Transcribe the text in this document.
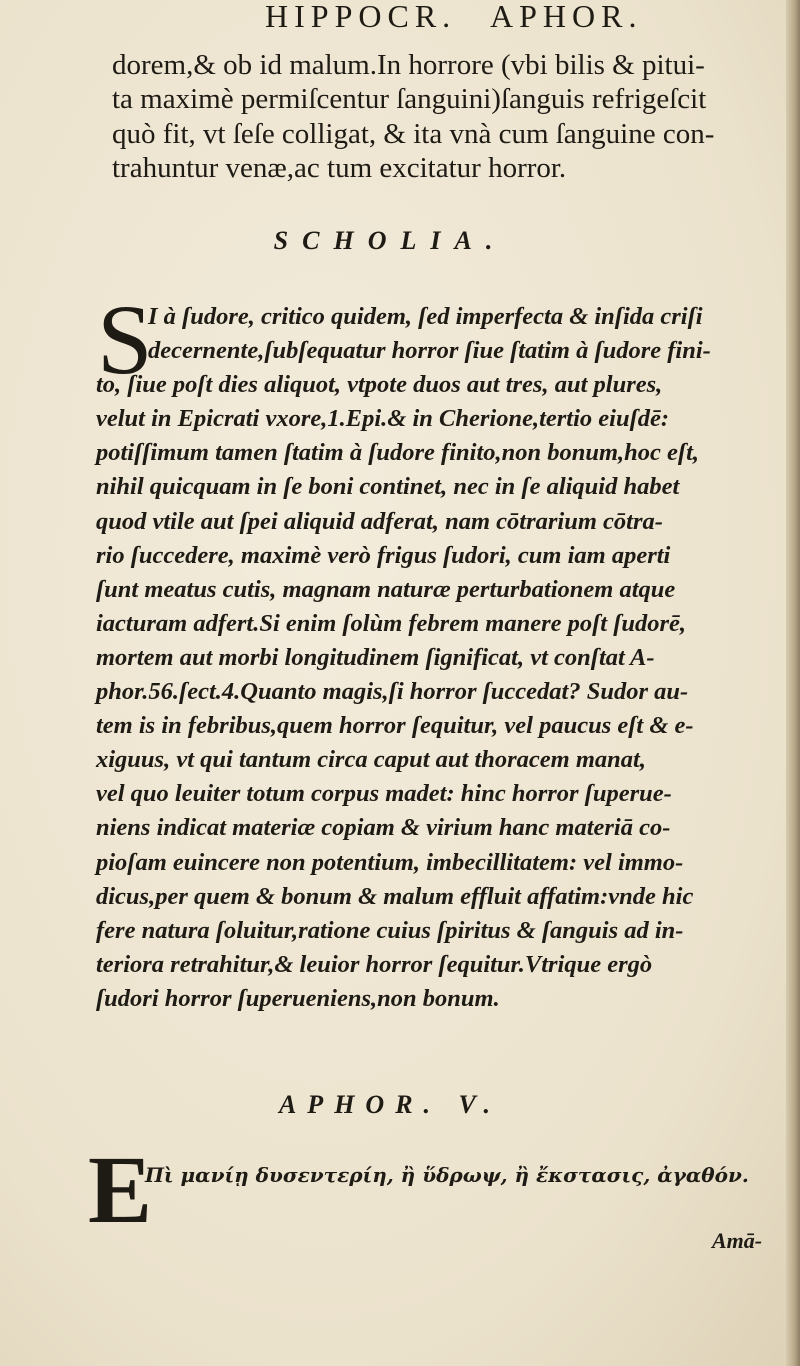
HIPPOCR. APHOR.
dorem,& ob id malum.In horrore (vbi bilis & pitui-
ta maximè permiſcentur ſanguini)ſanguis refrigeſcit
quò fit, vt ſeſe colligat, & ita vnà cum ſanguine con-
trahuntur venæ,ac tum excitatur horror.
SCHOLIA.
S
I à ſudore, critico quidem, ſed imperfecta & inſida criſi
decernente,ſubſequatur horror ſiue ſtatim à ſudore fini-
to, ſiue poſt dies aliquot, vtpote duos aut tres, aut plures,
velut in Epicrati vxore,1.Epi.& in Cherione,tertio eiuſdē:
potiſſimum tamen ſtatim à ſudore finito,non bonum,hoc eſt,
nihil quicquam in ſe boni continet, nec in ſe aliquid habet
quod vtile aut ſpei aliquid adferat, nam cōtrarium cōtra-
rio ſuccedere, maximè verò frigus ſudori, cum iam aperti
ſunt meatus cutis, magnam naturæ perturbationem atque
iacturam adfert.Si enim ſolùm febrem manere poſt ſudorē,
mortem aut morbi longitudinem ſignificat, vt conſtat A-
phor.56.ſect.4.Quanto magis,ſi horror ſuccedat? Sudor au-
tem is in febribus,quem horror ſequitur, vel paucus eſt & e-
xiguus, vt qui tantum circa caput aut thoracem manat,
vel quo leuiter totum corpus madet: hinc horror ſuperue-
niens indicat materiæ copiam & virium hanc materiā co-
pioſam euincere non potentium, imbecillitatem: vel immo-
dicus,per quem & bonum & malum effluit affatim:vnde hic
fere natura ſoluitur,ratione cuius ſpiritus & ſanguis ad in-
teriora retrahitur,& leuior horror ſequitur.Vtrique ergò
ſudori horror ſuperueniens,non bonum.
APHOR. V.
E
Πὶ μανίῃ δυσεντερίη, ἢ ὕδρωψ, ἢ ἔκστασις, ἀγαθόν.
Amā-
